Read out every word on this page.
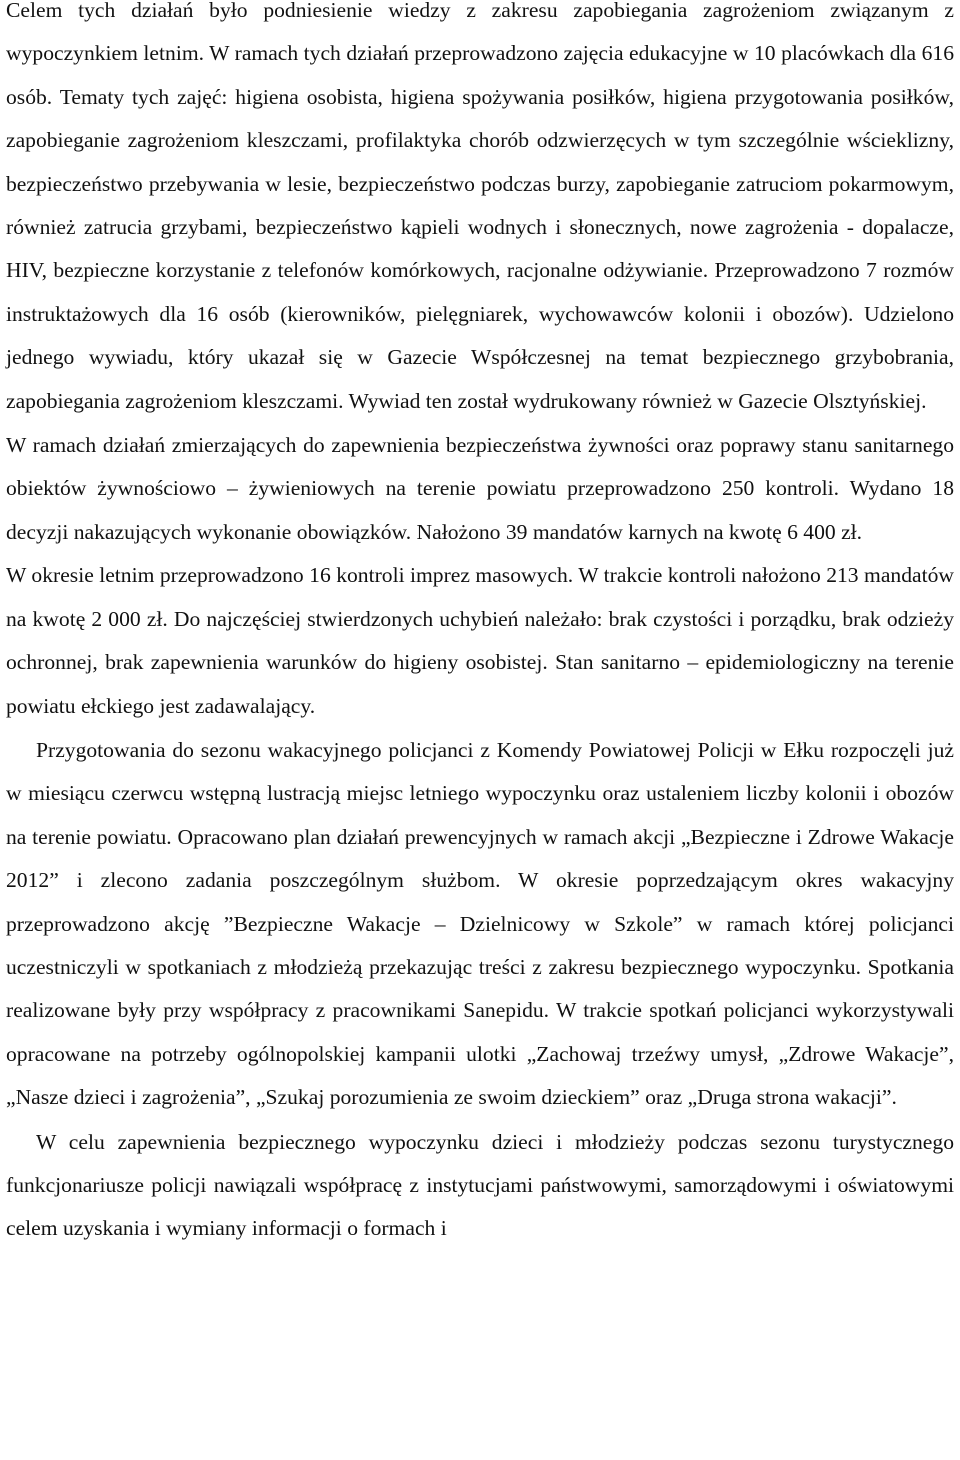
Celem tych działań było podniesienie wiedzy z zakresu zapobiegania zagrożeniom związanym z wypoczynkiem letnim. W ramach tych działań przeprowadzono zajęcia edukacyjne w 10 placówkach dla 616 osób. Tematy tych zajęć: higiena osobista, higiena spożywania posiłków, higiena przygotowania posiłków, zapobieganie zagrożeniom kleszczami, profilaktyka chorób odzwierzęcych w tym szczególnie wścieklizny, bezpieczeństwo przebywania w lesie, bezpieczeństwo podczas burzy, zapobieganie zatruciom pokarmowym, również zatrucia grzybami, bezpieczeństwo kąpieli wodnych i słonecznych, nowe zagrożenia - dopalacze, HIV, bezpieczne korzystanie z telefonów komórkowych, racjonalne odżywianie. Przeprowadzono 7 rozmów instruktażowych dla 16 osób (kierowników, pielęgniarek, wychowawców kolonii i obozów). Udzielono jednego wywiadu, który ukazał się w Gazecie Współczesnej na temat bezpiecznego grzybobrania, zapobiegania zagrożeniom kleszczami. Wywiad ten został wydrukowany również w Gazecie Olsztyńskiej.

W ramach działań zmierzających do zapewnienia bezpieczeństwa żywności oraz poprawy stanu sanitarnego obiektów żywnościowo – żywieniowych na terenie powiatu przeprowadzono 250 kontroli. Wydano 18 decyzji nakazujących wykonanie obowiązków. Nałożono 39 mandatów karnych na kwotę 6 400 zł.

W okresie letnim przeprowadzono 16 kontroli imprez masowych. W trakcie kontroli nałożono 213 mandatów na kwotę 2 000 zł. Do najczęściej stwierdzonych uchybień należało: brak czystości i porządku, brak odzieży ochronnej, brak zapewnienia warunków do higieny osobistej. Stan sanitarno – epidemiologiczny na terenie powiatu ełckiego jest zadawalający.

Przygotowania do sezonu wakacyjnego policjanci z Komendy Powiatowej Policji w Ełku rozpoczęli już w miesiącu czerwcu wstępną lustracją miejsc letniego wypoczynku oraz ustaleniem liczby kolonii i obozów na terenie powiatu. Opracowano plan działań prewencyjnych w ramach akcji „Bezpieczne i Zdrowe Wakacje 2012” i zlecono zadania poszczególnym służbom. W okresie poprzedzającym okres wakacyjny przeprowadzono akcję ”Bezpieczne Wakacje – Dzielnicowy w Szkole” w ramach której policjanci uczestniczyli w spotkaniach z młodzieżą przekazując treści z zakresu bezpiecznego wypoczynku. Spotkania realizowane były przy współpracy z pracownikami Sanepidu. W trakcie spotkań policjanci wykorzystywali opracowane na potrzeby ogólnopolskiej kampanii ulotki „Zachowaj trzeźwy umysł, „Zdrowe Wakacje”, „Nasze dzieci i zagrożenia”, „Szukaj porozumienia ze swoim dzieckiem” oraz „Druga strona wakacji”.

W celu zapewnienia bezpiecznego wypoczynku dzieci i młodzieży podczas sezonu turystycznego funkcjonariusze policji nawiązali współpracę z instytucjami państwowymi, samorządowymi i oświatowymi celem uzyskania i wymiany informacji o formach i
